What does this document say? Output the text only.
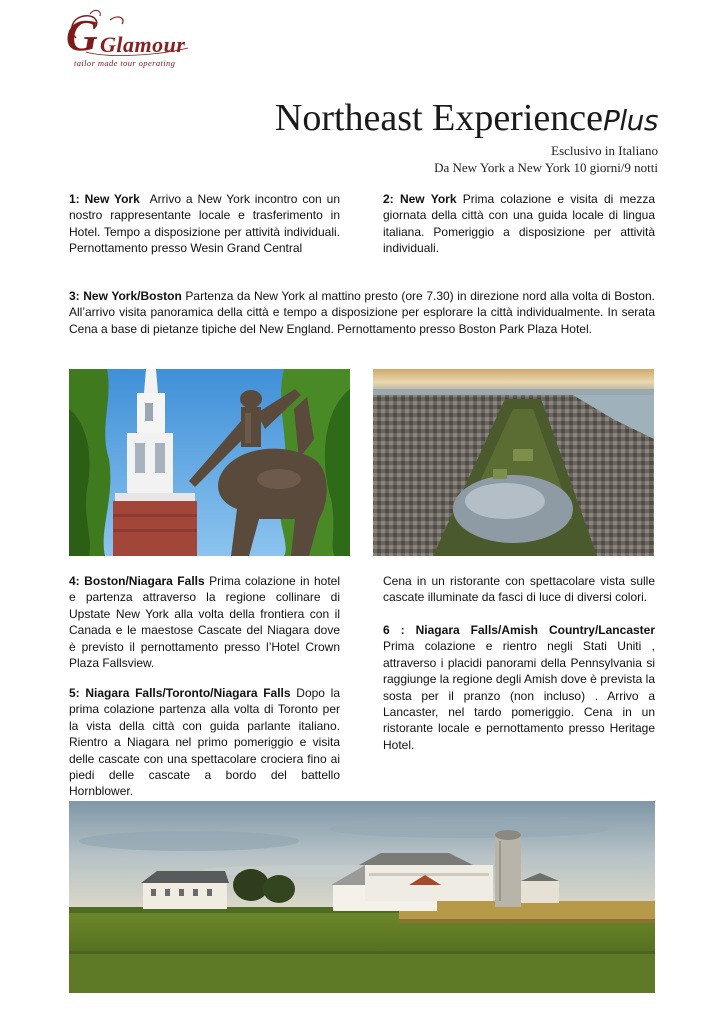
G Glamour
tailor made tour operating
Northeast ExperiencePlus
Esclusivo in Italiano
Da New York a New York 10 giorni/9 notti
1: New York Arrivo a New York incontro con un nostro rappresentante locale e trasferimento in Hotel. Tempo a disposizione per attività individuali. Pernottamento presso Wesin Grand Central
2: New York Prima colazione e visita di mezza giornata della città con una guida locale di lingua italiana. Pomeriggio a disposizione per attività individuali.
3: New York/Boston Partenza da New York al mattino presto (ore 7.30) in direzione nord alla volta di Boston. All’arrivo visita panoramica della città e tempo a disposizione per esplorare la città individualmente. In serata Cena a base di pietanze tipiche del New England. Pernottamento presso Boston Park Plaza Hotel.
4: Boston/Niagara Falls Prima colazione in hotel e partenza attraverso la regione collinare di Upstate New York alla volta della frontiera con il Canada e le maestose Cascate del Niagara dove è previsto il pernottamento presso l’Hotel Crown Plaza Fallsview.
5: Niagara Falls/Toronto/Niagara Falls Dopo la prima colazione partenza alla volta di Toronto per la vista della città con guida parlante italiano. Rientro a Niagara nel primo pomeriggio e visita delle cascate con una spettacolare crociera fino ai piedi delle cascate a bordo del battello Hornblower.
Cena in un ristorante con spettacolare vista sulle cascate illuminate da fasci di luce di diversi colori.
6 : Niagara Falls/Amish Country/Lancaster Prima colazione e rientro negli Stati Uniti , attraverso i placidi panorami della Pennsylvania si raggiunge la regione degli Amish dove è prevista la sosta per il pranzo (non incluso) . Arrivo a Lancaster, nel tardo pomeriggio. Cena in un ristorante locale e pernottamento presso Heritage Hotel.
